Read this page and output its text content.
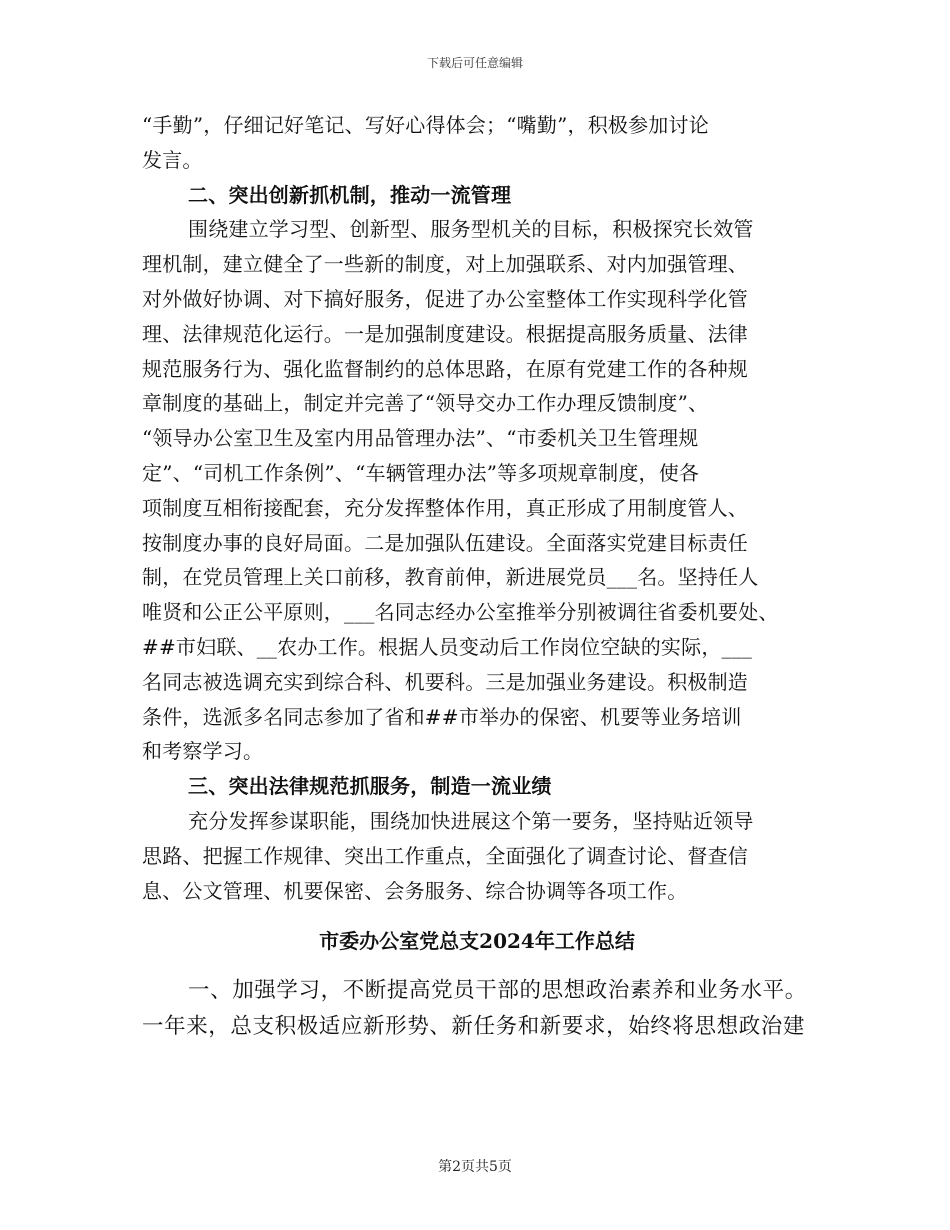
下载后可任意编辑

“手勤”，仔细记好笔记、写好心得体会；“嘴勤”，积极参加讨论
发言。

二、突出创新抓机制，推动一流管理

围绕建立学习型、创新型、服务型机关的目标，积极探究长效管
理机制，建立健全了一些新的制度，对上加强联系、对内加强管理、
对外做好协调、对下搞好服务，促进了办公室整体工作实现科学化管
理、法律规范化运行。一是加强制度建设。根据提高服务质量、法律
规范服务行为、强化监督制约的总体思路，在原有党建工作的各种规
章制度的基础上，制定并完善了“领导交办工作办理反馈制度”、
“领导办公室卫生及室内用品管理办法”、“市委机关卫生管理规
定”、“司机工作条例”、“车辆管理办法”等多项规章制度，使各
项制度互相衔接配套，充分发挥整体作用，真正形成了用制度管人、
按制度办事的良好局面。二是加强队伍建设。全面落实党建目标责任
制，在党员管理上关口前移，教育前伸，新进展党员___名。坚持任人
唯贤和公正公平原则，___名同志经办公室推举分别被调往省委机要处、
##市妇联、__农办工作。根据人员变动后工作岗位空缺的实际，___
名同志被选调充实到综合科、机要科。三是加强业务建设。积极制造
条件，选派多名同志参加了省和##市举办的保密、机要等业务培训
和考察学习。

三、突出法律规范抓服务，制造一流业绩

充分发挥参谋职能，围绕加快进展这个第一要务，坚持贴近领导
思路、把握工作规律、突出工作重点，全面强化了调查讨论、督查信
息、公文管理、机要保密、会务服务、综合协调等各项工作。

市委办公室党总支2024年工作总结

一、加强学习，不断提高党员干部的思想政治素养和业务水平。
一年来，总支积极适应新形势、新任务和新要求，始终将思想政治建

第2页共5页
